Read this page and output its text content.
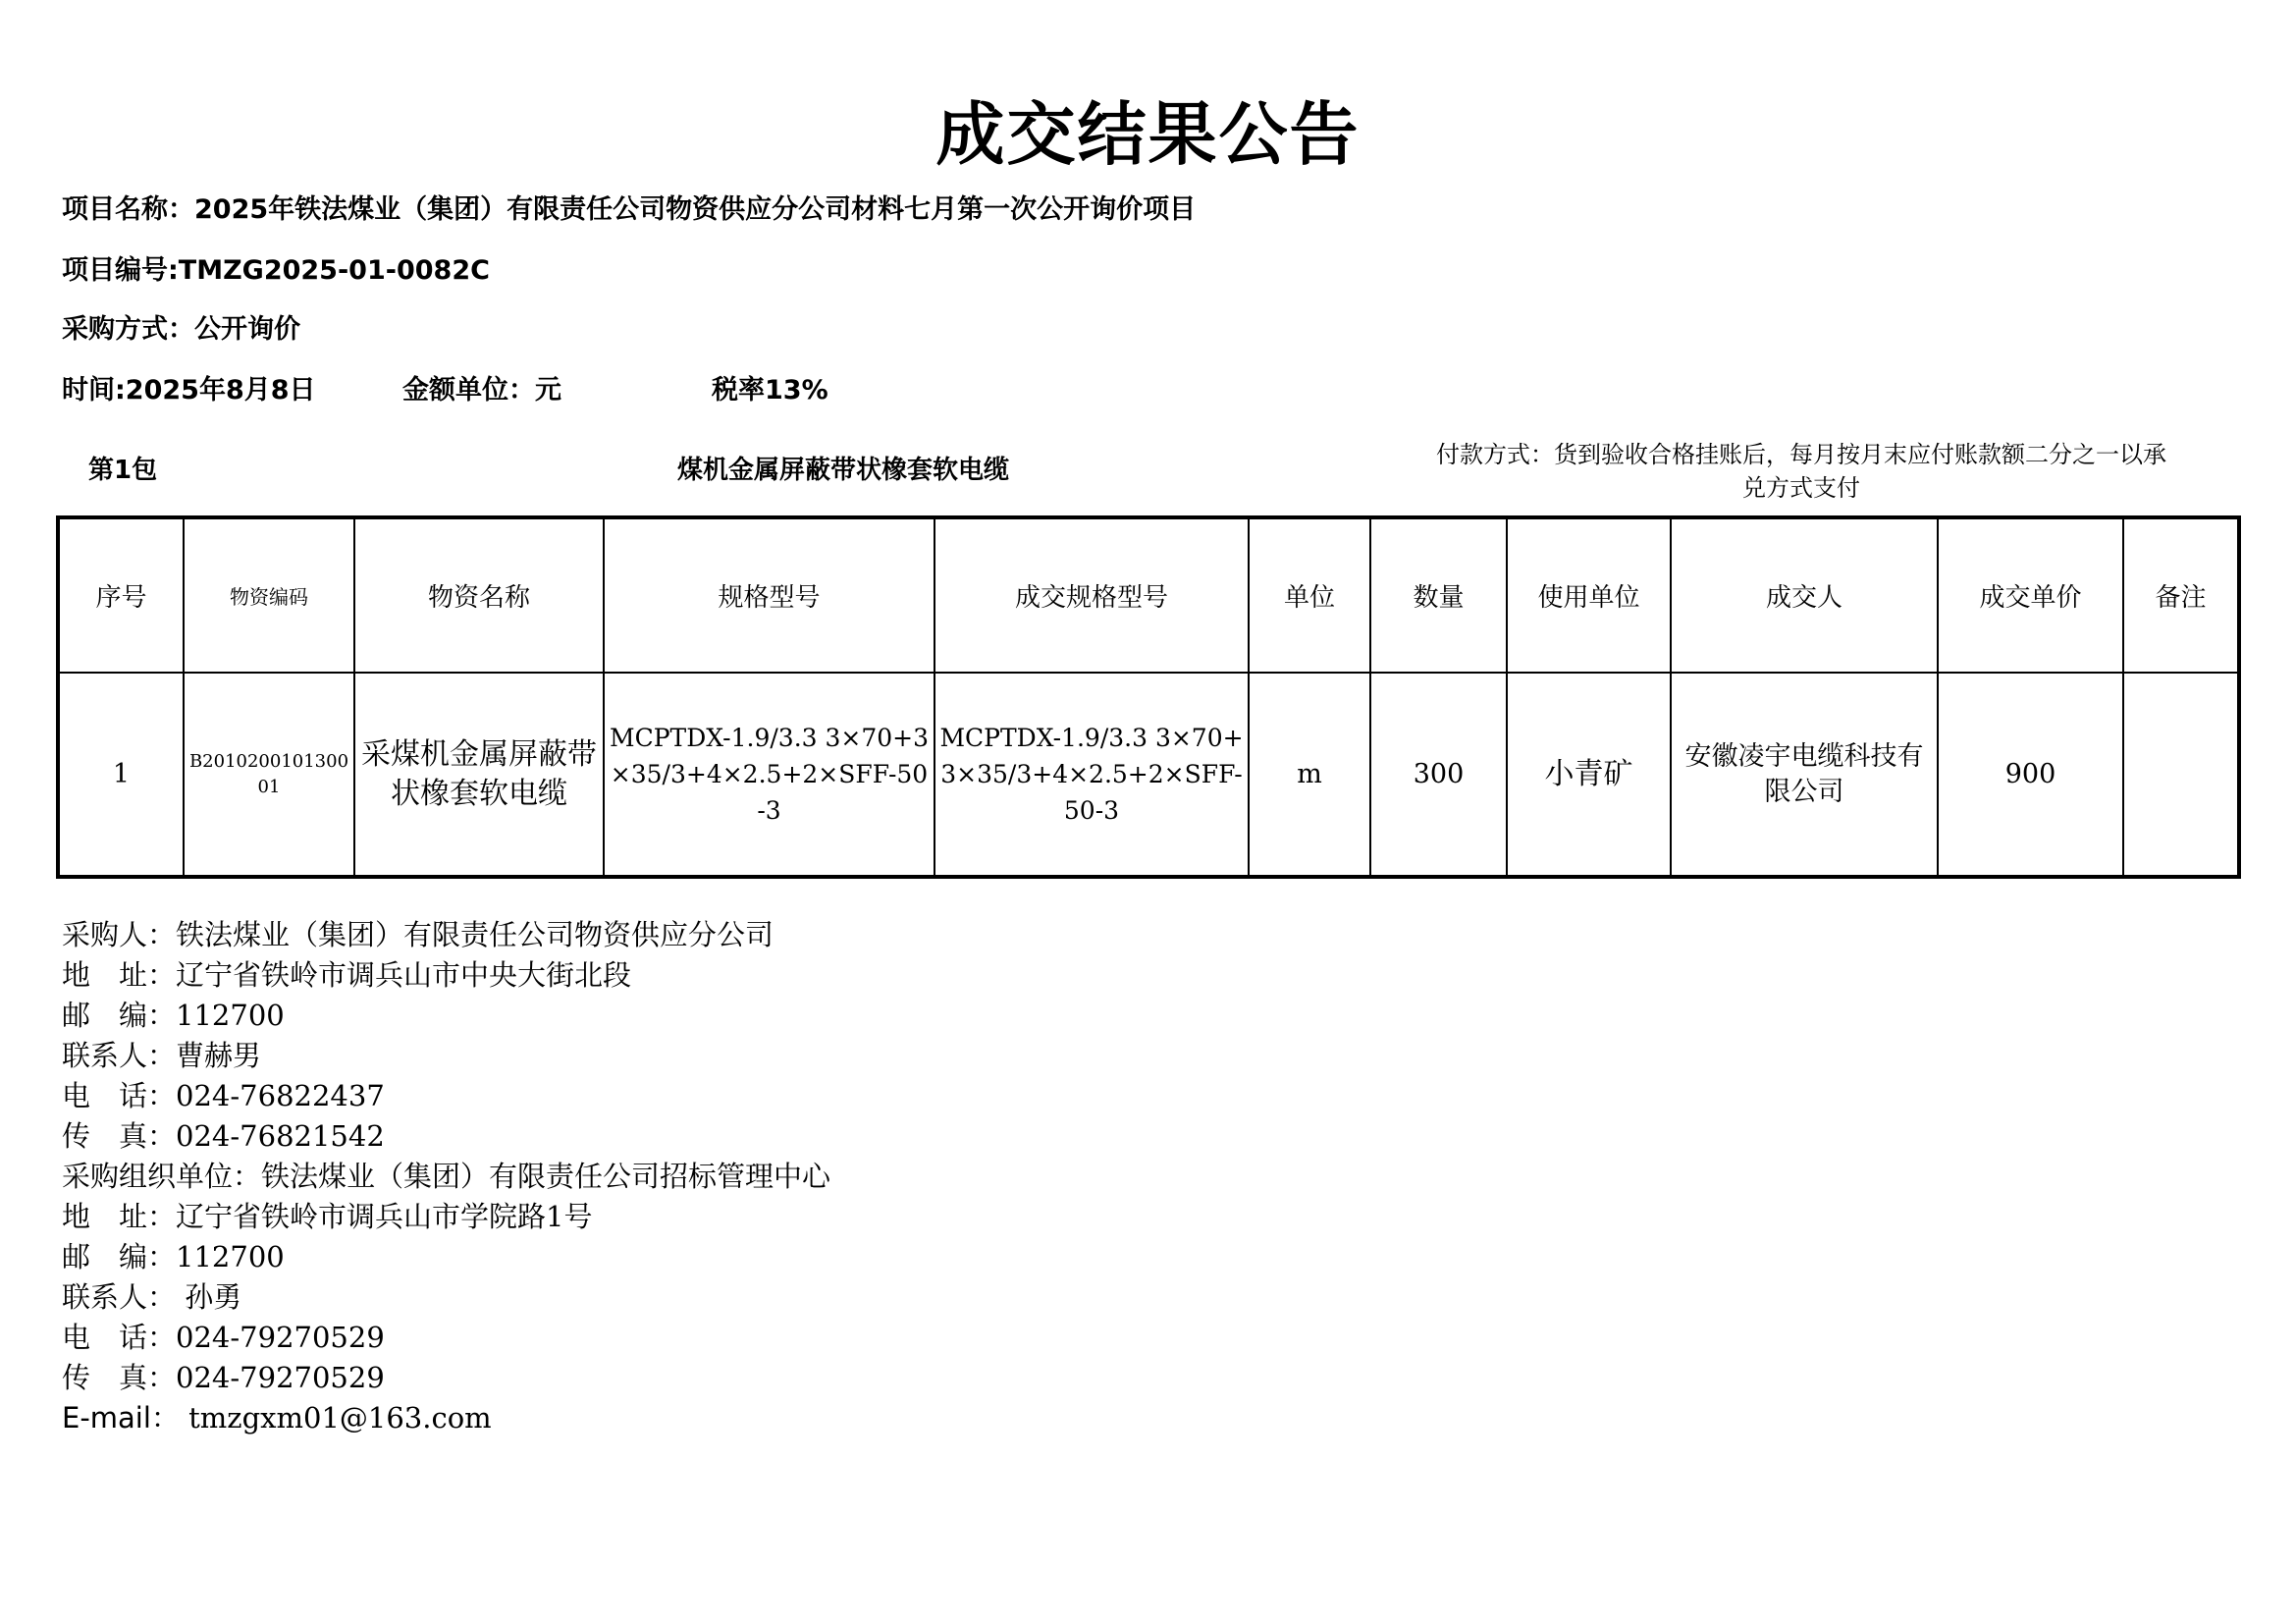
成交结果公告
项目名称：2025年铁法煤业（集团）有限责任公司物资供应分公司材料七月第一次公开询价项目
项目编号:TMZG2025-01-0082C
采购方式：公开询价
时间:2025年8月8日	金额单位：元	税率13%
第1包	煤机金属屏蔽带状橡套软电缆
付款方式：货到验收合格挂账后，每月按月末应付账款额二分之一以承
兑方式支付
序号	物资编码	物资名称	规格型号	成交规格型号	单位	数量	使用单位	成交人	成交单价	备注
1	B201020010130001	采煤机金属屏蔽带状橡套软电缆	MCPTDX-1.9/3.3 3×70+3×35/3+4×2.5+2×SFF-50-3	MCPTDX-1.9/3.3 3×70+3×35/3+4×2.5+2×SFF-50-3	m	300	小青矿	安徽凌宇电缆科技有限公司	900	
采购人：铁法煤业（集团）有限责任公司物资供应分公司
地　址：辽宁省铁岭市调兵山市中央大街北段
邮　编：112700
联系人：曹赫男
电　话：024-76822437
传　真：024-76821542
采购组织单位：铁法煤业（集团）有限责任公司招标管理中心
地　址：辽宁省铁岭市调兵山市学院路1号
邮　编：112700
联系人： 孙勇
电　话：024-79270529
传　真：024-79270529
E-mail： tmzgxm01@163.com
